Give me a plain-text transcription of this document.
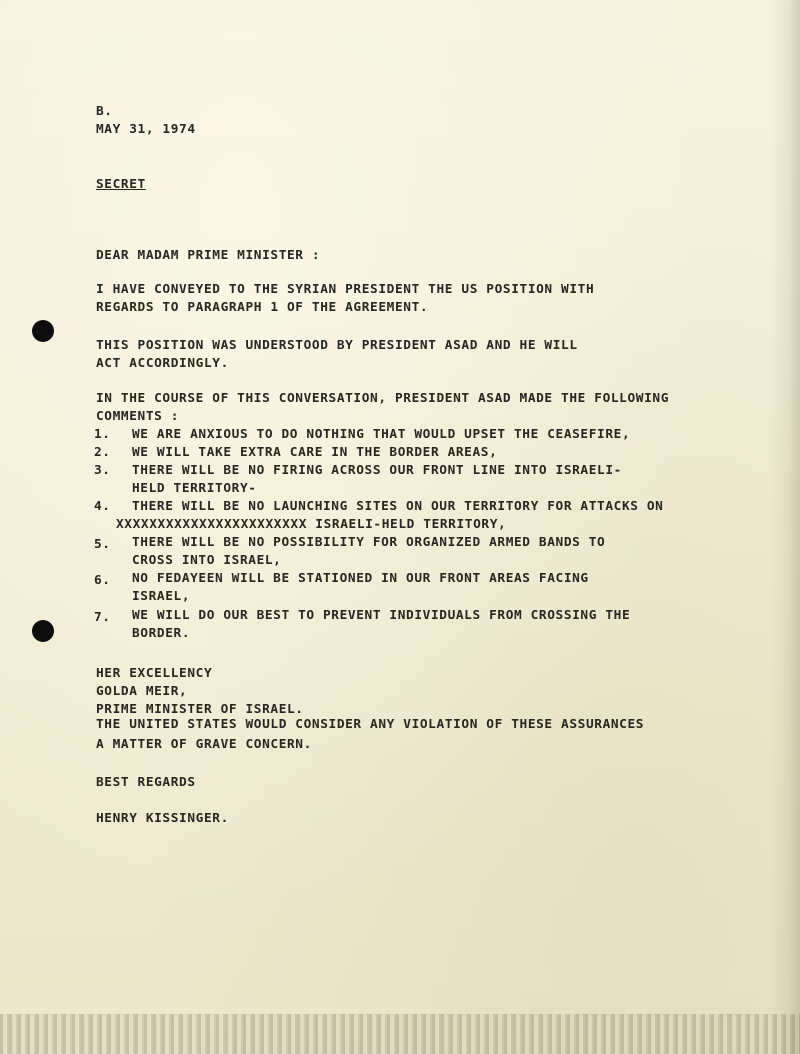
B.
MAY 31, 1974
SECRET
DEAR MADAM PRIME MINISTER :
I HAVE CONVEYED TO THE SYRIAN PRESIDENT THE US POSITION WITH
REGARDS TO PARAGRAPH 1 OF THE AGREEMENT.
THIS POSITION WAS UNDERSTOOD BY PRESIDENT ASAD AND HE WILL
ACT ACCORDINGLY.
IN THE COURSE OF THIS CONVERSATION, PRESIDENT ASAD MADE THE FOLLOWING
COMMENTS :
1. WE ARE ANXIOUS TO DO NOTHING THAT WOULD UPSET THE CEASEFIRE,
2. WE WILL TAKE EXTRA CARE IN THE BORDER AREAS,
3. THERE WILL BE NO FIRING ACROSS OUR FRONT LINE INTO ISRAELI-
HELD TERRITORY-
4. THERE WILL BE NO LAUNCHING SITES ON OUR TERRITORY FOR ATTACKS ON
XXXXXXXXXXXXXXXXXXXXXXX ISRAELI-HELD TERRITORY,
5. THERE WILL BE NO POSSIBILITY FOR ORGANIZED ARMED BANDS TO
CROSS INTO ISRAEL,
6. NO FEDAYEEN WILL BE STATIONED IN OUR FRONT AREAS FACING
ISRAEL,
7. WE WILL DO OUR BEST TO PREVENT INDIVIDUALS FROM CROSSING THE
BORDER.
HER EXCELLENCY
GOLDA MEIR,
PRIME MINISTER OF ISRAEL.
THE UNITED STATES WOULD CONSIDER ANY VIOLATION OF THESE ASSURANCES
A MATTER OF GRAVE CONCERN.
BEST REGARDS
HENRY KISSINGER.
